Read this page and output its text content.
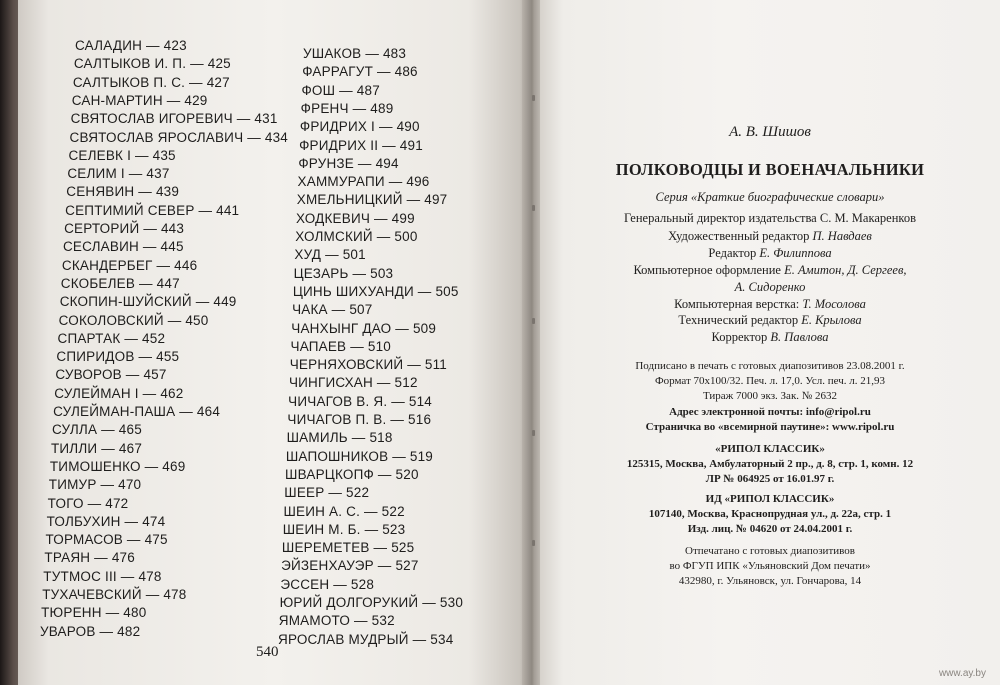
САЛАДИН — 423
САЛТЫКОВ И. П. — 425
САЛТЫКОВ П. С. — 427
САН-МАРТИН — 429
СВЯТОСЛАВ ИГОРЕВИЧ — 431
СВЯТОСЛАВ ЯРОСЛАВИЧ — 434
СЕЛЕВК I — 435
СЕЛИМ I — 437
СЕНЯВИН — 439
СЕПТИМИЙ СЕВЕР — 441
СЕРТОРИЙ — 443
СЕСЛАВИН — 445
СКАНДЕРБЕГ — 446
СКОБЕЛЕВ — 447
СКОПИН-ШУЙСКИЙ — 449
СОКОЛОВСКИЙ — 450
СПАРТАК — 452
СПИРИДОВ — 455
СУВОРОВ — 457
СУЛЕЙМАН I — 462
СУЛЕЙМАН-ПАША — 464
СУЛЛА — 465
ТИЛЛИ — 467
ТИМОШЕНКО — 469
ТИМУР — 470
ТОГО — 472
ТОЛБУХИН — 474
ТОРМАСОВ — 475
ТРАЯН — 476
ТУТМОС III — 478
ТУХАЧЕВСКИЙ — 478
ТЮРЕНН — 480
УВАРОВ — 482
УШАКОВ — 483
ФАРРАГУТ — 486
ФОШ — 487
ФРЕНЧ — 489
ФРИДРИХ I — 490
ФРИДРИХ II — 491
ФРУНЗЕ — 494
ХАММУРАПИ — 496
ХМЕЛЬНИЦКИЙ — 497
ХОДКЕВИЧ — 499
ХОЛМСКИЙ — 500
ХУД — 501
ЦЕЗАРЬ — 503
ЦИНЬ ШИХУАНДИ — 505
ЧАКА — 507
ЧАНХЫНГ ДАО — 509
ЧАПАЕВ — 510
ЧЕРНЯХОВСКИЙ — 511
ЧИНГИСХАН — 512
ЧИЧАГОВ В. Я. — 514
ЧИЧАГОВ П. В. — 516
ШАМИЛЬ — 518
ШАПОШНИКОВ — 519
ШВАРЦКОПФ — 520
ШЕЕР — 522
ШЕИН А. С. — 522
ШЕИН М. Б. — 523
ШЕРЕМЕТЕВ — 525
ЭЙЗЕНХАУЭР — 527
ЭССЕН — 528
ЮРИЙ ДОЛГОРУКИЙ — 530
ЯМАМОТО — 532
ЯРОСЛАВ МУДРЫЙ — 534
540
А. В. Шишов
ПОЛКОВОДЦЫ И ВОЕНАЧАЛЬНИКИ
Серия «Краткие биографические словари»
Генеральный директор издательства С. М. Макаренков
Художественный редактор П. Навдаев
Редактор Е. Филиппова
Компьютерное оформление Е. Амитон, Д. Сергеев,
А. Сидоренко
Компьютерная верстка: Т. Мосолова
Технический редактор Е. Крылова
Корректор В. Павлова
Подписано в печать с готовых диапозитивов 23.08.2001 г.
Формат 70x100/32. Печ. л. 17,0. Усл. печ. л. 21,93
Тираж 7000 экз. Зак. № 2632
Адрес электронной почты: info@ripol.ru
Страничка во «всемирной паутине»: www.ripol.ru
«РИПОЛ КЛАССИК»
125315, Москва, Амбулаторный 2 пр., д. 8, стр. 1, комн. 12
ЛР № 064925 от 16.01.97 г.
ИД «РИПОЛ КЛАССИК»
107140, Москва, Краснопрудная ул., д. 22а, стр. 1
Изд. лиц. № 04620 от 24.04.2001 г.
Отпечатано с готовых диапозитивов
во ФГУП ИПК «Ульяновский Дом печати»
432980, г. Ульяновск, ул. Гончарова, 14
www.ay.by
